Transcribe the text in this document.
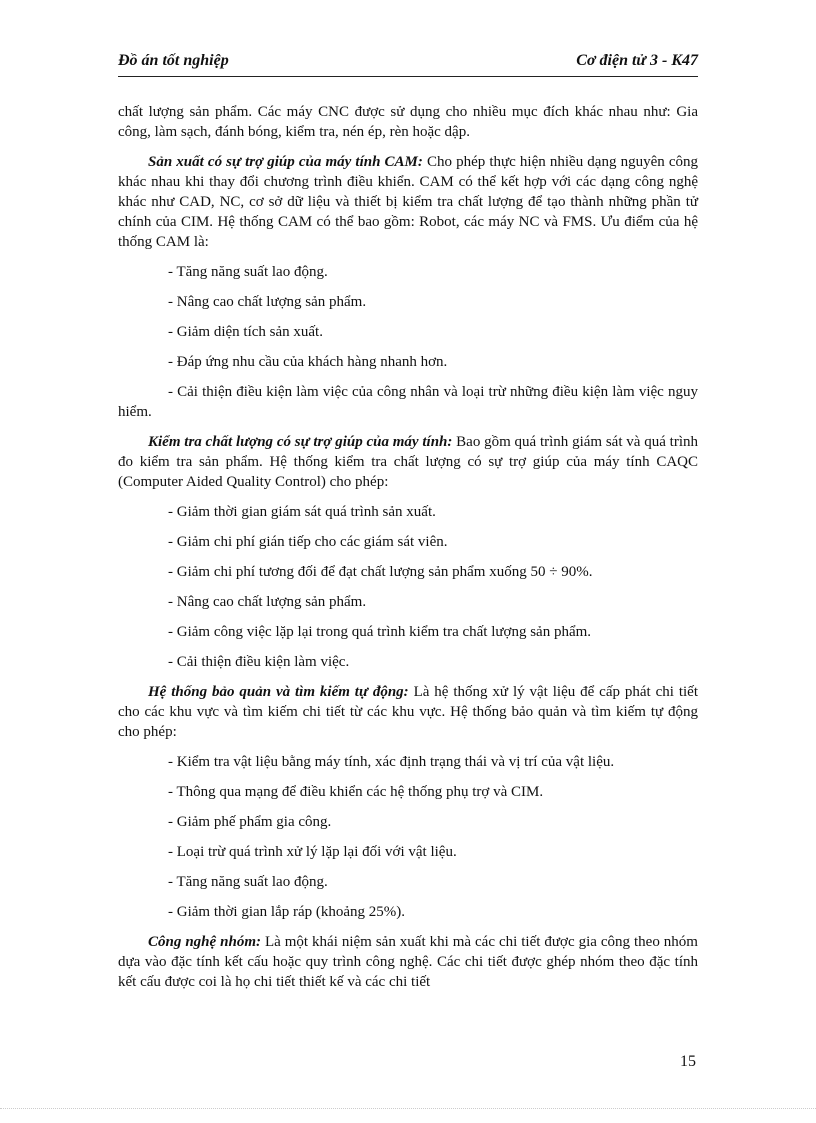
Đồ án tốt nghiệp	Cơ điện tử 3 - K47

chất lượng sản phẩm. Các máy CNC được sử dụng cho nhiều mục đích khác nhau như: Gia công, làm sạch, đánh bóng, kiểm tra, nén ép, rèn hoặc dập.

Sản xuất có sự trợ giúp của máy tính CAM: Cho phép thực hiện nhiều dạng nguyên công khác nhau khi thay đổi chương trình điều khiển. CAM có thể kết hợp với các dạng công nghệ khác như CAD, NC, cơ sở dữ liệu và thiết bị kiểm tra chất lượng để tạo thành những phần tử chính của CIM. Hệ thống CAM có thể bao gồm: Robot, các máy NC và FMS. Ưu điểm của hệ thống CAM là:

- Tăng năng suất lao động.

- Nâng cao chất lượng sản phẩm.

- Giảm diện tích sản xuất.

- Đáp ứng nhu cầu của khách hàng nhanh hơn.

- Cải thiện điều kiện làm việc của công nhân và loại trừ những điều kiện làm việc nguy hiểm.

Kiểm tra chất lượng có sự trợ giúp của máy tính: Bao gồm quá trình giám sát và quá trình đo kiểm tra sản phẩm. Hệ thống kiểm tra chất lượng có sự trợ giúp của máy tính CAQC (Computer Aided Quality Control) cho phép:

- Giảm thời gian giám sát quá trình sản xuất.

- Giảm chi phí gián tiếp cho các giám sát viên.

- Giảm chi phí tương đối để đạt chất lượng sản phẩm xuống 50 ÷ 90%.

- Nâng cao chất lượng sản phẩm.

- Giảm công việc lặp lại trong quá trình kiểm tra chất lượng sản phẩm.

- Cải thiện điều kiện làm việc.

Hệ thống bảo quản và tìm kiếm tự động: Là hệ thống xử lý vật liệu để cấp phát chi tiết cho các khu vực và tìm kiếm chi tiết từ các khu vực. Hệ thống bảo quản và tìm kiếm tự động cho phép:

- Kiểm tra vật liệu bằng máy tính, xác định trạng thái và vị trí của vật liệu.

- Thông qua mạng để điều khiển các hệ thống phụ trợ và CIM.

- Giảm phế phẩm gia công.

- Loại trừ quá trình xử lý lặp lại đối với vật liệu.

- Tăng năng suất lao động.

- Giảm thời gian lắp ráp (khoảng 25%).

Công nghệ nhóm: Là một khái niệm sản xuất khi mà các chi tiết được gia công theo nhóm dựa vào đặc tính kết cấu hoặc quy trình công nghệ. Các chi tiết được ghép nhóm theo đặc tính kết cấu được coi là họ chi tiết thiết kế và các chi tiết

15
